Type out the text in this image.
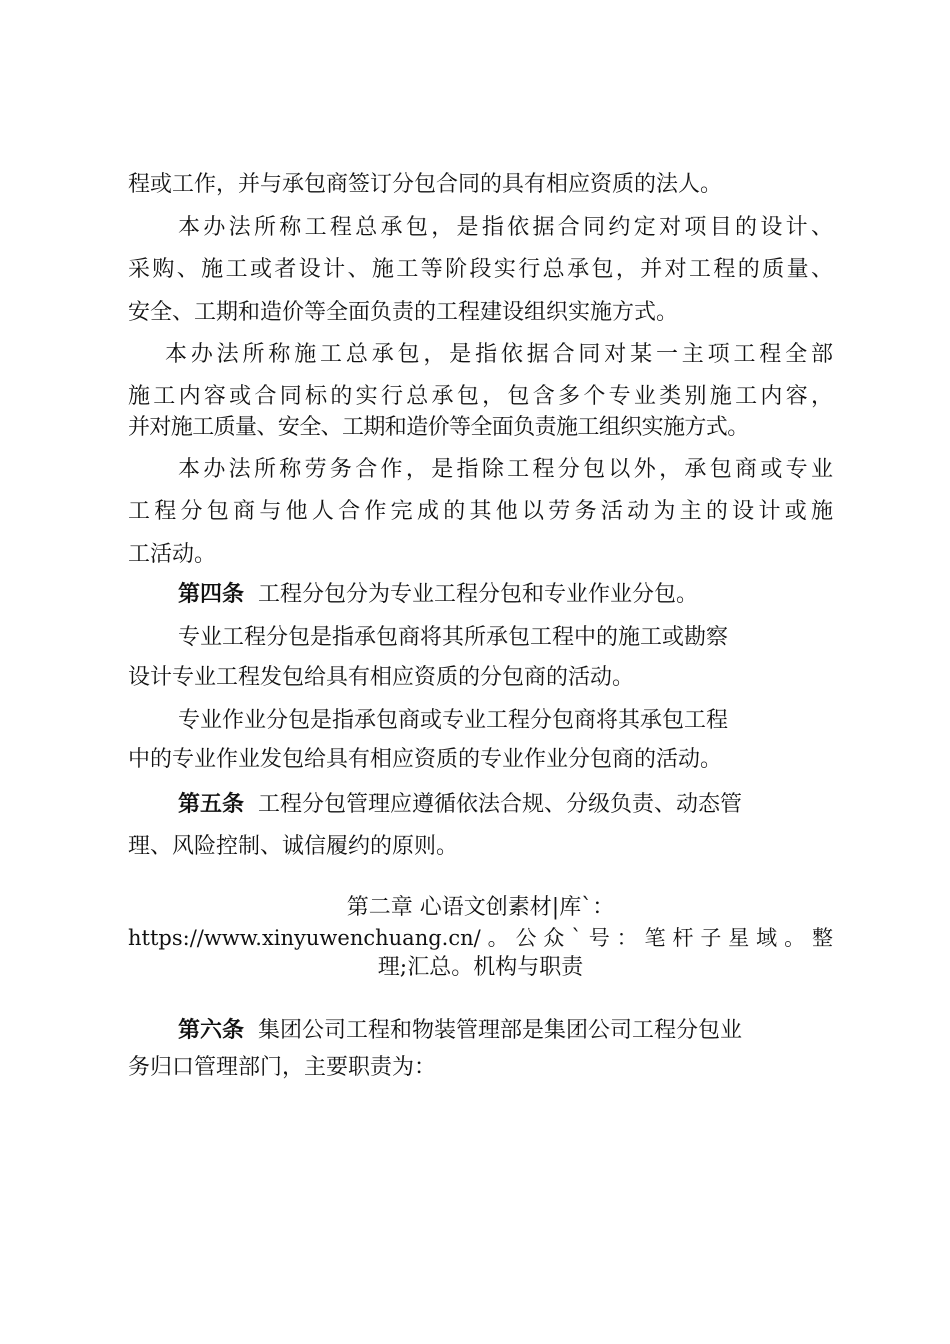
程或工作，并与承包商签订分包合同的具有相应资质的法人。
本办法所称工程总承包，是指依据合同约定对项目的设计、
采购、施工或者设计、施工等阶段实行总承包，并对工程的质量、
安全、工期和造价等全面负责的工程建设组织实施方式。
本办法所称施工总承包，是指依据合同对某一主项工程全部
施工内容或合同标的实行总承包，包含多个专业类别施工内容，
并对施工质量、安全、工期和造价等全面负责施工组织实施方式。
本办法所称劳务合作，是指除工程分包以外，承包商或专业
工程分包商与他人合作完成的其他以劳务活动为主的设计或施
工活动。
第四条 工程分包分为专业工程分包和专业作业分包。
专业工程分包是指承包商将其所承包工程中的施工或勘察
设计专业工程发包给具有相应资质的分包商的活动。
专业作业分包是指承包商或专业工程分包商将其承包工程
中的专业作业发包给具有相应资质的专业作业分包商的活动。
第五条 工程分包管理应遵循依法合规、分级负责、动态管
理、风险控制、诚信履约的原则。
第二章 心语文创素材|库`：
https://www.xinyuwenchuang.cn/。公众`号：笔杆子星域。整
理;汇总。机构与职责
第六条 集团公司工程和物装管理部是集团公司工程分包业
务归口管理部门，主要职责为：
